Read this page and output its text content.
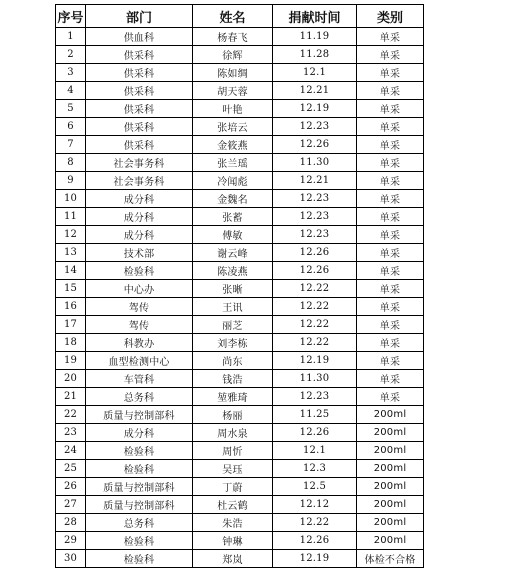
序号	部门	姓名	捐献时间	类别
1	供血科	杨春飞	11.19	单采
2	供采科	徐辉	11.28	单采
3	供采科	陈如绸	12.1	单采
4	供采科	胡天蓉	12.21	单采
5	供采科	叶艳	12.19	单采
6	供采科	张培云	12.23	单采
7	供采科	金筱燕	12.26	单采
8	社会事务科	张兰瑶	11.30	单采
9	社会事务科	冷闻彪	12.21	单采
10	成分科	金魏名	12.23	单采
11	成分科	张蓄	12.23	单采
12	成分科	傅敏	12.23	单采
13	技术部	谢云峰	12.26	单采
14	检验科	陈凌燕	12.26	单采
15	中心办	张晰	12.22	单采
16	驾传	王讯	12.22	单采
17	驾传	丽芝	12.22	单采
18	科教办	刘李栋	12.22	单采
19	血型检测中心	尚东	12.19	单采
20	车管科	钱浩	11.30	单采
21	总务科	堃雅琦	12.23	单采
22	质量与控制部科	杨丽	11.25	200ml
23	成分科	周水泉	12.26	200ml
24	检验科	周忻	12.1	200ml
25	检验科	吴珏	12.3	200ml
26	质量与控制部科	丁蔚	12.5	200ml
27	质量与控制部科	杜云鹤	12.12	200ml
28	总务科	朱浩	12.22	200ml
29	检验科	钟琳	12.26	200ml
30	检验科	郑岚	12.19	体检不合格
